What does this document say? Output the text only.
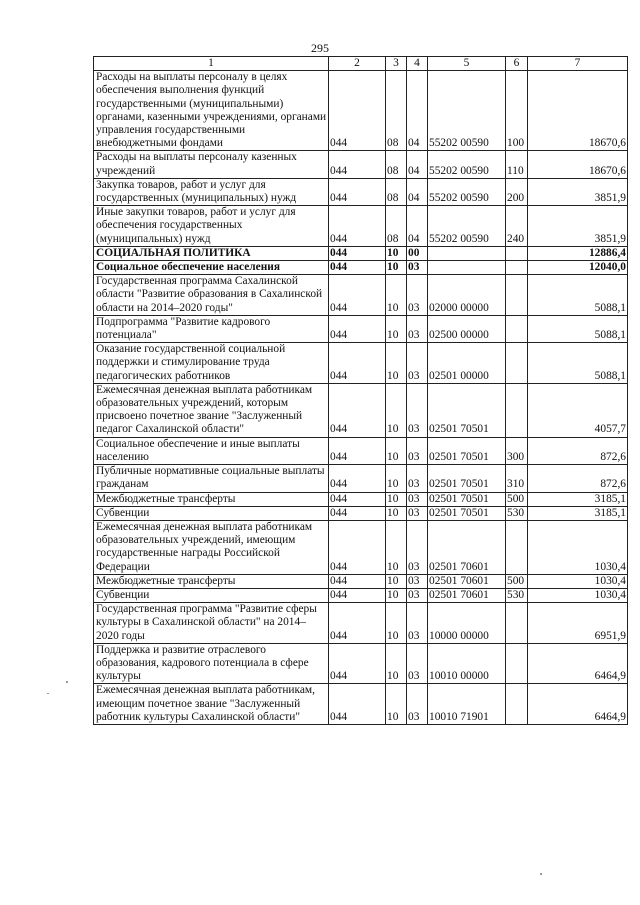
295
1	2	3	4	5	6	7
Расходы на выплаты персоналу в целях обеспечения выполнения функций государственными (муниципальными) органами, казенными учреждениями, органами управления государственными внебюджетными фондами	044	08	04	55202 00590	100	18670,6
Расходы на выплаты персоналу казенных учреждений	044	08	04	55202 00590	110	18670,6
Закупка товаров, работ и услуг для государственных (муниципальных) нужд	044	08	04	55202 00590	200	3851,9
Иные закупки товаров, работ и услуг для обеспечения государственных (муниципальных) нужд	044	08	04	55202 00590	240	3851,9
СОЦИАЛЬНАЯ ПОЛИТИКА	044	10	00			12886,4
Социальное обеспечение населения	044	10	03			12040,0
Государственная программа Сахалинской области "Развитие образования в Сахалинской области на 2014–2020 годы"	044	10	03	02000 00000		5088,1
Подпрограмма "Развитие кадрового потенциала"	044	10	03	02500 00000		5088,1
Оказание государственной социальной поддержки и стимулирование труда педагогических работников	044	10	03	02501 00000		5088,1
Ежемесячная денежная выплата работникам образовательных учреждений, которым присвоено почетное звание "Заслуженный педагог Сахалинской области"	044	10	03	02501 70501		4057,7
Социальное обеспечение и иные выплаты населению	044	10	03	02501 70501	300	872,6
Публичные нормативные социальные выплаты гражданам	044	10	03	02501 70501	310	872,6
Межбюджетные трансферты	044	10	03	02501 70501	500	3185,1
Субвенции	044	10	03	02501 70501	530	3185,1
Ежемесячная денежная выплата работникам образовательных учреждений, имеющим государственные награды Российской Федерации	044	10	03	02501 70601		1030,4
Межбюджетные трансферты	044	10	03	02501 70601	500	1030,4
Субвенции	044	10	03	02501 70601	530	1030,4
Государственная программа "Развитие сферы культуры в Сахалинской области" на 2014–2020 годы	044	10	03	10000 00000		6951,9
Поддержка и развитие отраслевого образования, кадрового потенциала в сфере культуры	044	10	03	10010 00000		6464,9
Ежемесячная денежная выплата работникам, имеющим почетное звание "Заслуженный работник культуры Сахалинской области"	044	10	03	10010 71901		6464,9
